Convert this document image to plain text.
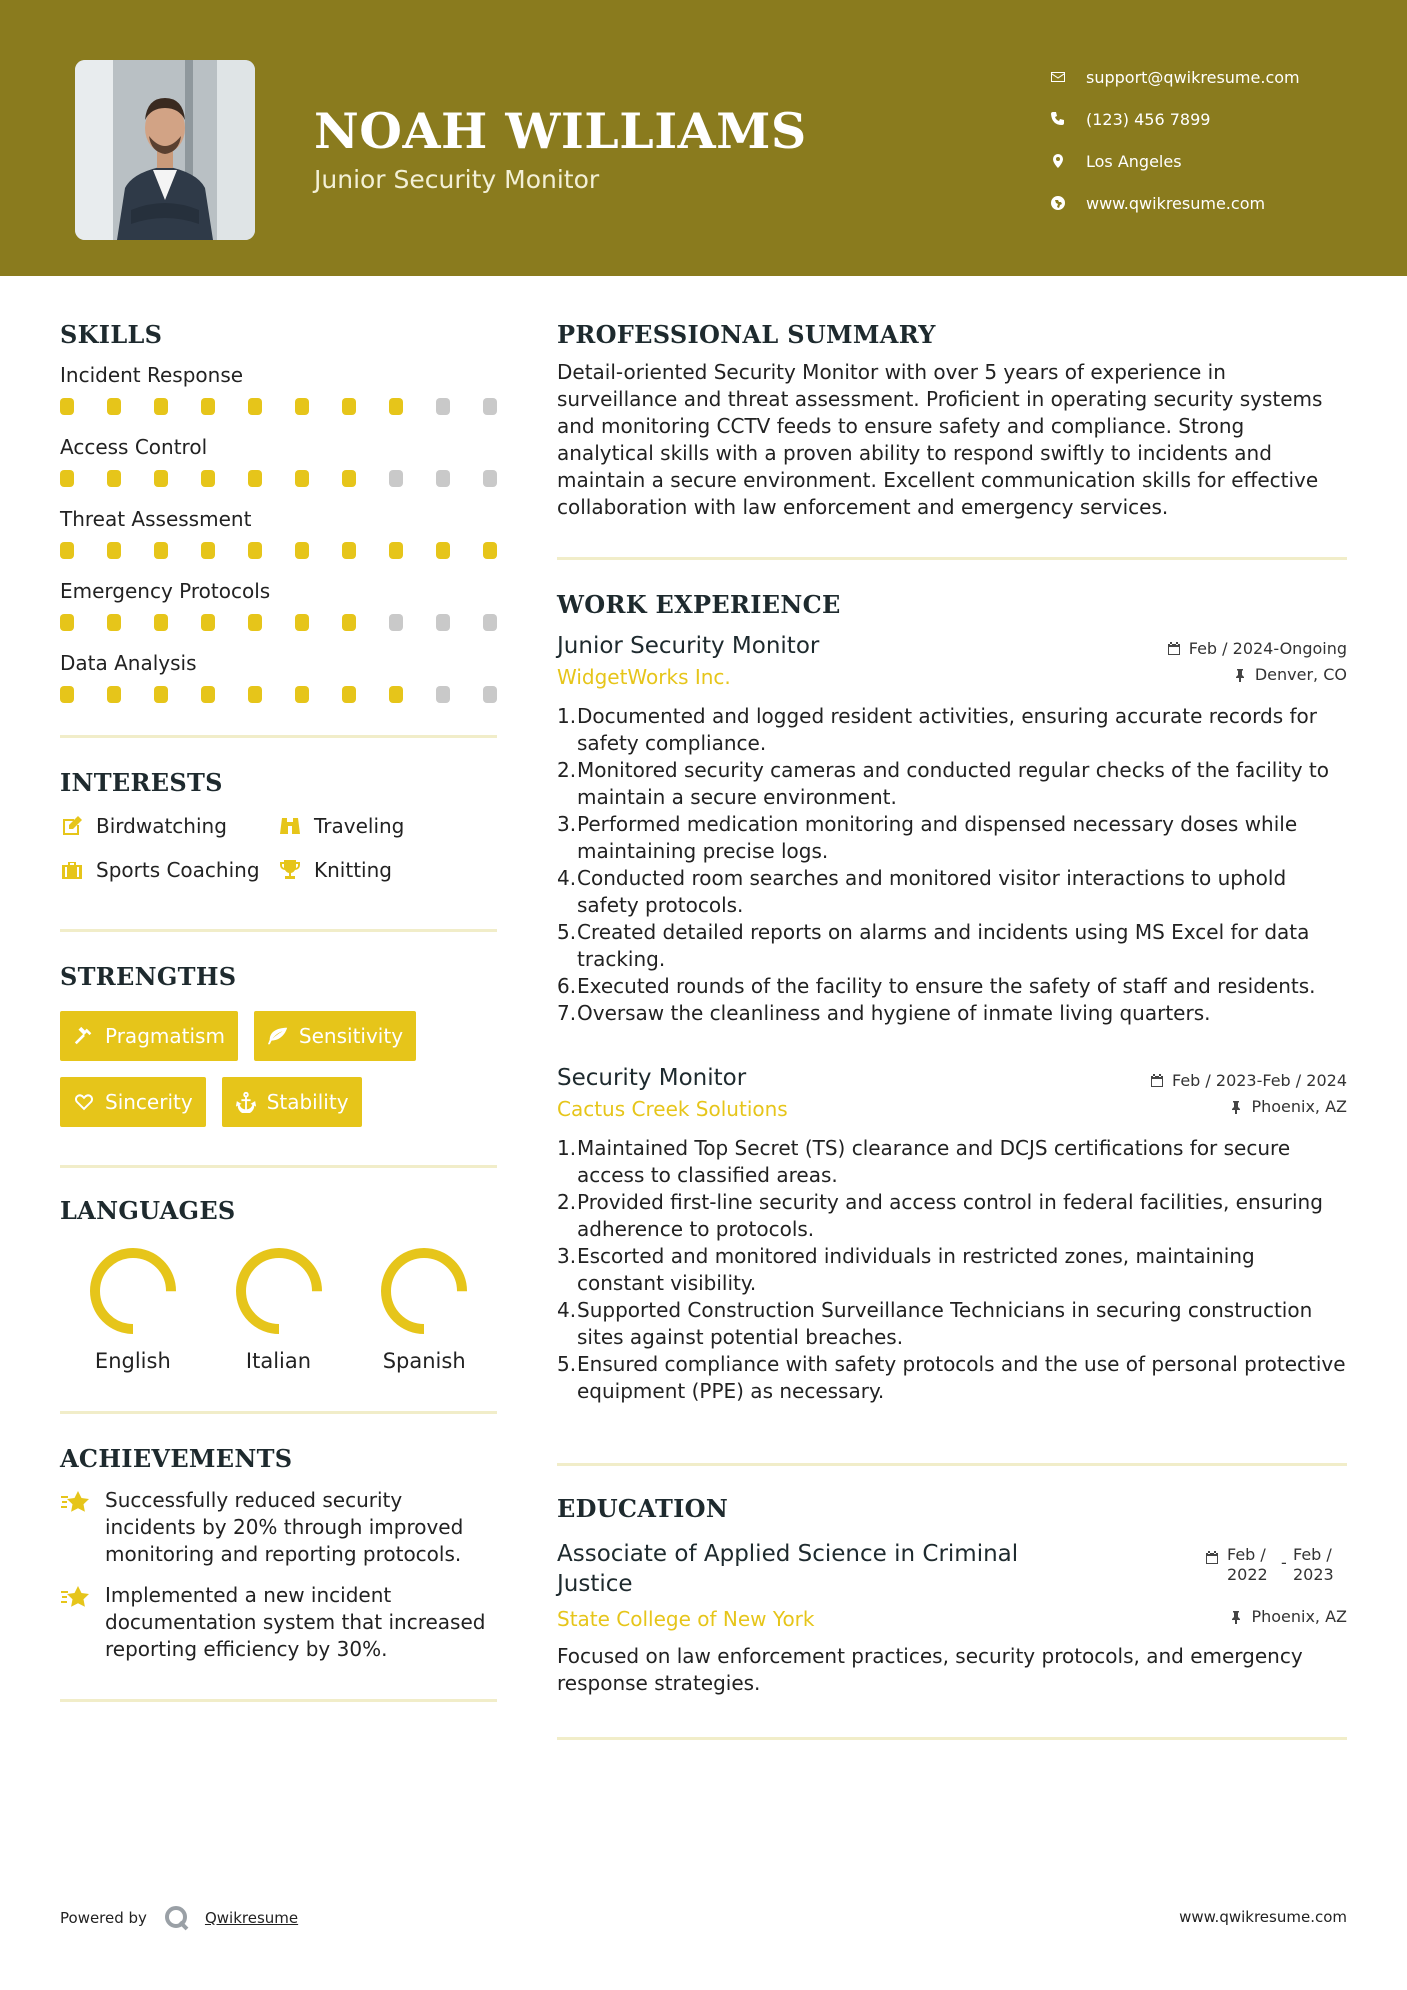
NOAH WILLIAMS
Junior Security Monitor
support@qwikresume.com
(123) 456 7899
Los Angeles
www.qwikresume.com
SKILLS
Incident Response
Access Control
Threat Assessment
Emergency Protocols
Data Analysis
INTERESTS
Birdwatching	Traveling
Sports Coaching	Knitting
STRENGTHS
Pragmatism	Sensitivity
Sincerity	Stability
LANGUAGES
English	Italian	Spanish
ACHIEVEMENTS
Successfully reduced security incidents by 20% through improved monitoring and reporting protocols.
Implemented a new incident documentation system that increased reporting efficiency by 30%.
PROFESSIONAL SUMMARY
Detail-oriented Security Monitor with over 5 years of experience in surveillance and threat assessment. Proficient in operating security systems and monitoring CCTV feeds to ensure safety and compliance. Strong analytical skills with a proven ability to respond swiftly to incidents and maintain a secure environment. Excellent communication skills for effective collaboration with law enforcement and emergency services.
WORK EXPERIENCE
Junior Security Monitor	Feb / 2024-Ongoing
WidgetWorks Inc.	Denver, CO
1. Documented and logged resident activities, ensuring accurate records for safety compliance.
2. Monitored security cameras and conducted regular checks of the facility to maintain a secure environment.
3. Performed medication monitoring and dispensed necessary doses while maintaining precise logs.
4. Conducted room searches and monitored visitor interactions to uphold safety protocols.
5. Created detailed reports on alarms and incidents using MS Excel for data tracking.
6. Executed rounds of the facility to ensure the safety of staff and residents.
7. Oversaw the cleanliness and hygiene of inmate living quarters.
Security Monitor	Feb / 2023-Feb / 2024
Cactus Creek Solutions	Phoenix, AZ
1. Maintained Top Secret (TS) clearance and DCJS certifications for secure access to classified areas.
2. Provided first-line security and access control in federal facilities, ensuring adherence to protocols.
3. Escorted and monitored individuals in restricted zones, maintaining constant visibility.
4. Supported Construction Surveillance Technicians in securing construction sites against potential breaches.
5. Ensured compliance with safety protocols and the use of personal protective equipment (PPE) as necessary.
EDUCATION
Associate of Applied Science in Criminal Justice
Feb / 2022
- Feb / 2023
State College of New York	Phoenix, AZ
Focused on law enforcement practices, security protocols, and emergency response strategies.
Powered by	Qwikresume	www.qwikresume.com
